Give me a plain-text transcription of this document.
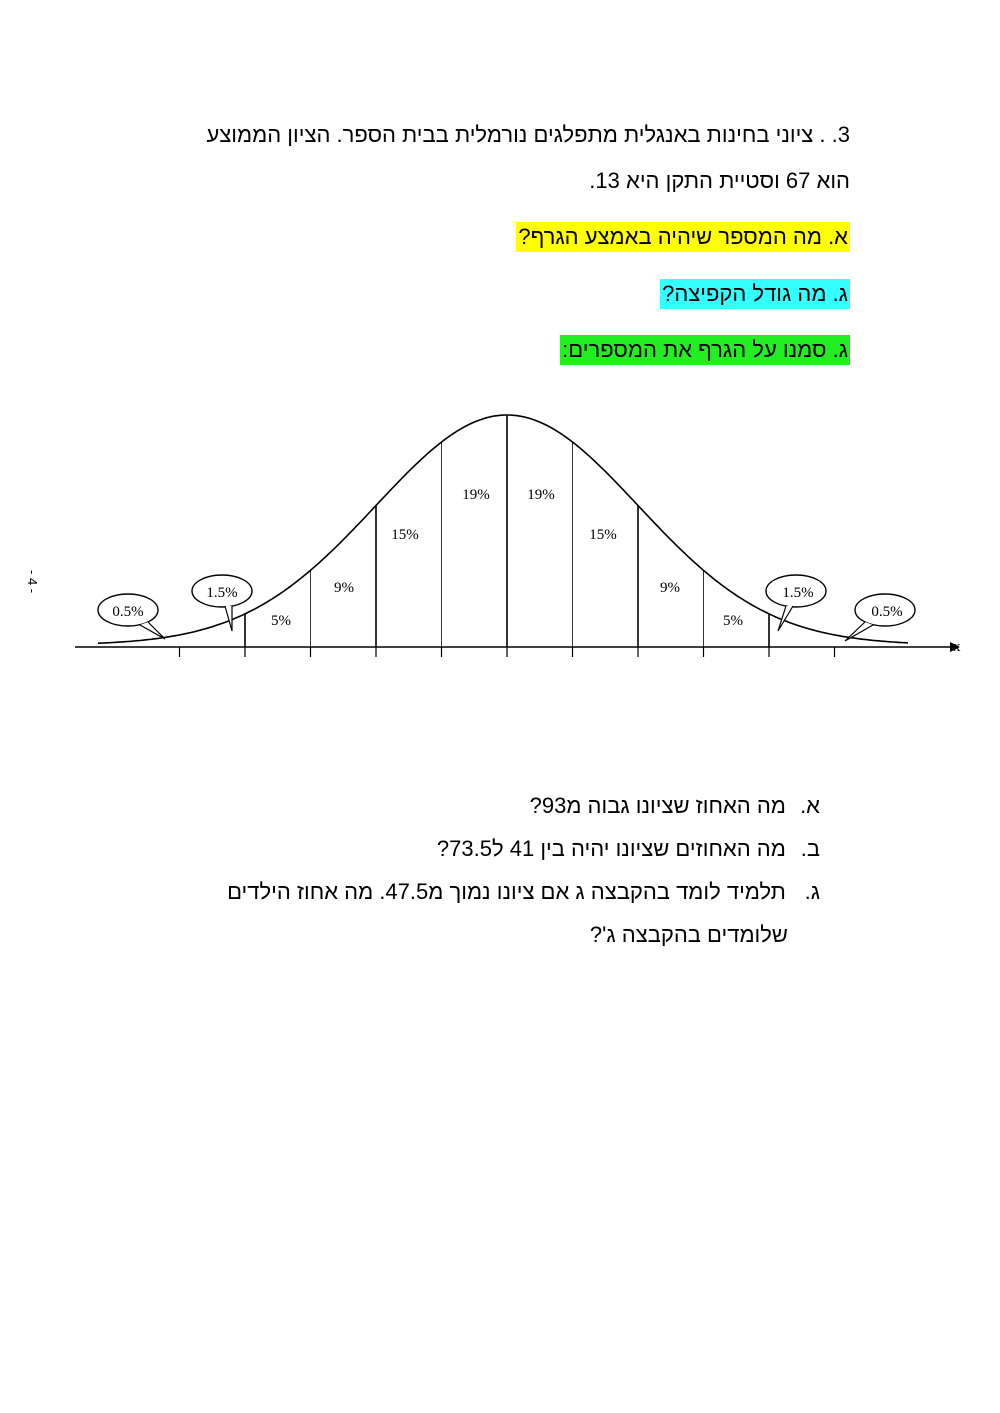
3. . ציוני בחינות באנגלית מתפלגים נורמלית בבית הספר. הציון הממוצע
הוא 67 וסטיית התקן היא 13.
א. מה המספר שיהיה באמצע הגרף?
ג. מה גודל הקפיצה?
ג. סמנו על הגרף את המספרים:
- 4 -
x
0.5%
1.5%	1.5%
0.5%
5%
9%
15%
19%	19%
15%
9%
5%
א. מה האחוז שציונו גבוה מ93?
ב. מה האחוזים שציונו יהיה בין 41 ל73.5?
ג. תלמיד לומד בהקבצה ג אם ציונו נמוך מ47.5. מה אחוז הילדים
שלומדים בהקבצה ג'?
